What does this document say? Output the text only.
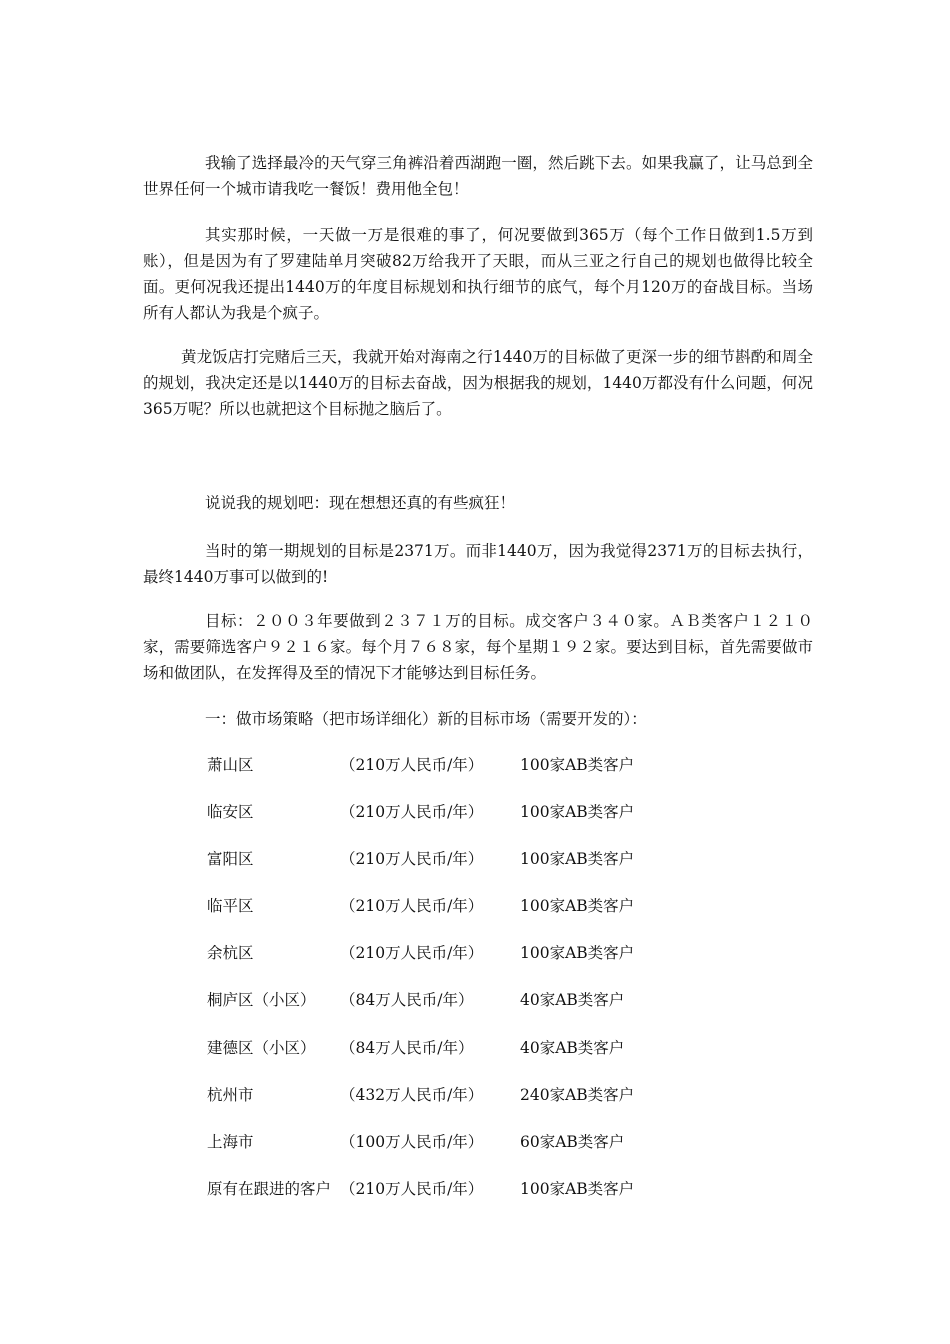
我输了选择最冷的天气穿三角裤沿着西湖跑一圈，然后跳下去。如果我赢了，让马总到全世界任何一个城市请我吃一餐饭！费用他全包！

其实那时候，一天做一万是很难的事了，何况要做到365万（每个工作日做到1.5万到账），但是因为有了罗建陆单月突破82万给我开了天眼，而从三亚之行自己的规划也做得比较全面。更何况我还提出1440万的年度目标规划和执行细节的底气，每个月120万的奋战目标。当场所有人都认为我是个疯子。

黄龙饭店打完赌后三天，我就开始对海南之行1440万的目标做了更深一步的细节斟酌和周全的规划，我决定还是以1440万的目标去奋战，因为根据我的规划，1440万都没有什么问题，何况365万呢？所以也就把这个目标抛之脑后了。

说说我的规划吧：现在想想还真的有些疯狂！

当时的第一期规划的目标是2371万。而非1440万，因为我觉得2371万的目标去执行，最终1440万事可以做到的!

目标：２００３年要做到２３７１万的目标。成交客户３４０家。ＡＢ类客户１２１０家，需要筛选客户９２１６家。每个月７６８家，每个星期１９２家。要达到目标，首先需要做市场和做团队，在发挥得及至的情况下才能够达到目标任务。

一：做市场策略（把市场详细化）新的目标市场（需要开发的）：

萧山区	（210万人民币/年） 100家AB类客户
临安区	（210万人民币/年） 100家AB类客户
富阳区	（210万人民币/年） 100家AB类客户
临平区	（210万人民币/年） 100家AB类客户
余杭区	（210万人民币/年） 100家AB类客户
桐庐区（小区） （84万人民币/年）	40家AB类客户
建德区（小区） （84万人民币/年）	40家AB类客户
杭州市	（432万人民币/年） 240家AB类客户
上海市	（100万人民币/年） 60家AB类客户
原有在跟进的客户 （210万人民币/年） 100家AB类客户
